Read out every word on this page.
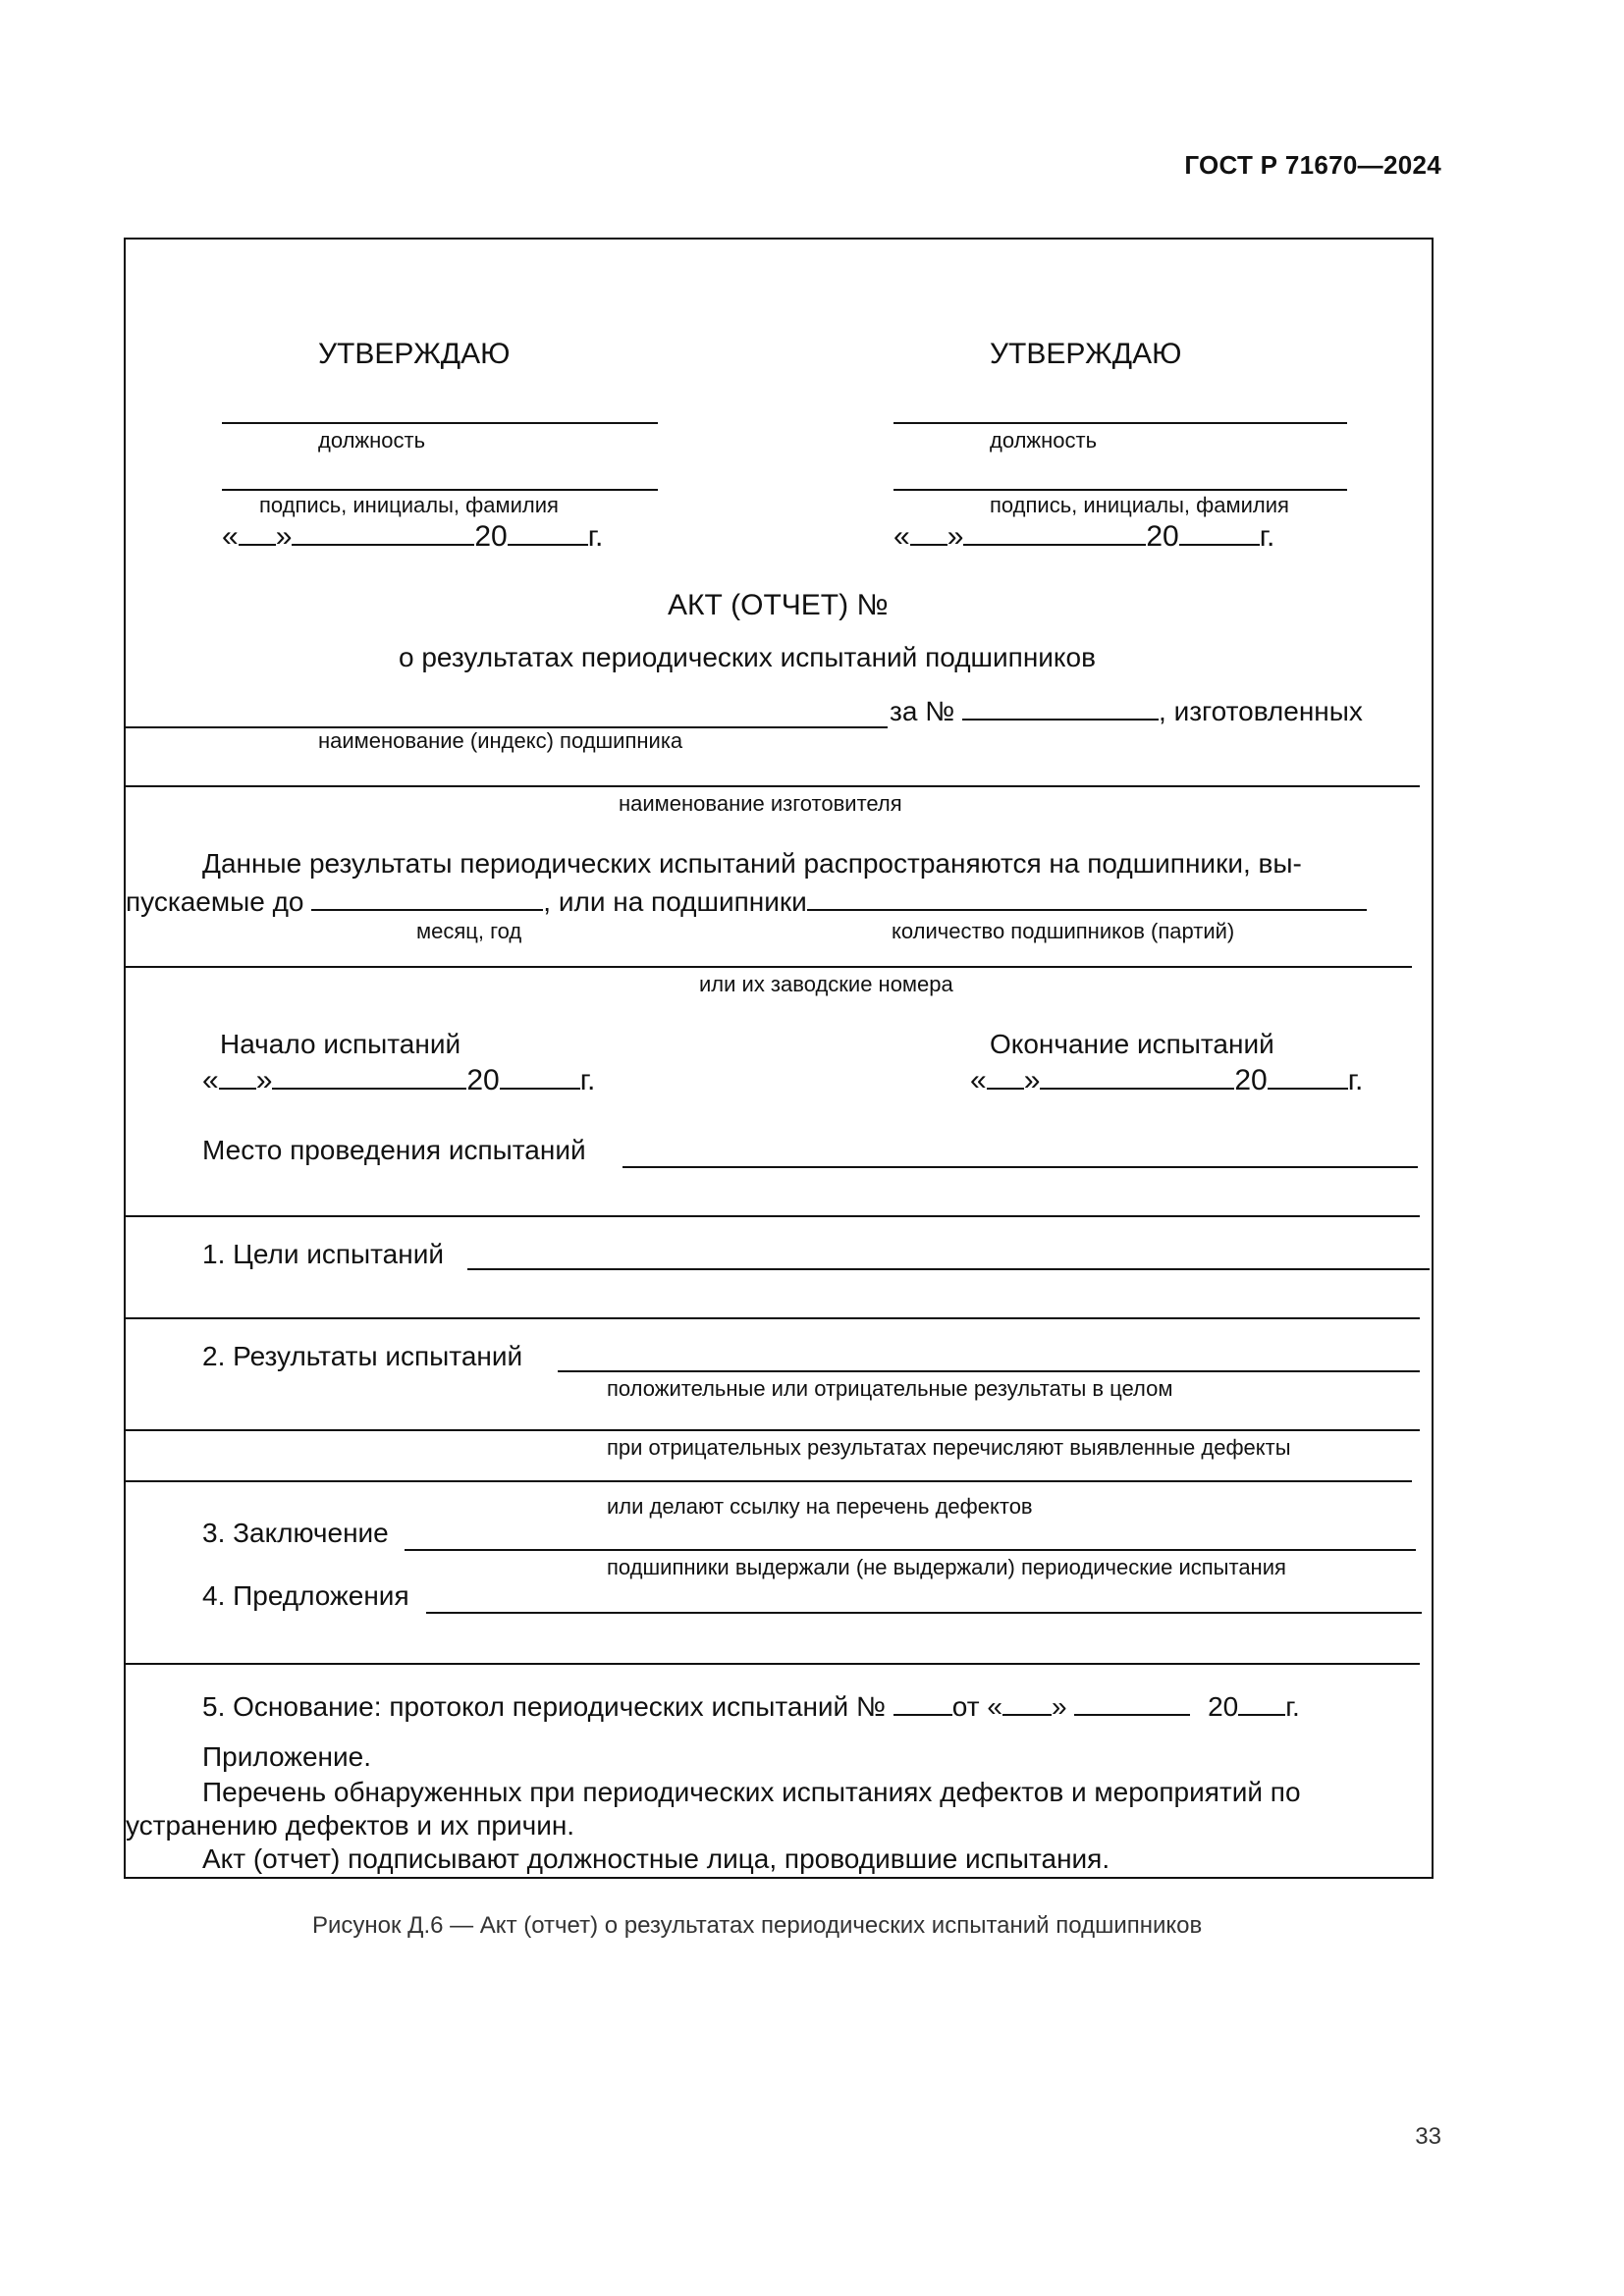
ГОСТ Р 71670—2024
УТВЕРЖДАЮ	УТВЕРЖДАЮ
должность	должность
подпись, инициалы, фамилия	подпись, инициалы, фамилия
« »	20	г.	« »	20	г.
АКТ (ОТЧЕТ) №
о результатах периодических испытаний подшипников
за №	, изготовленных
наименование (индекс) подшипника
наименование изготовителя
Данные результаты периодических испытаний распространяются на подшипники, вы-
пускаемые до	, или на подшипники
месяц, год	количество подшипников (партий)
или их заводские номера
Начало испытаний	Окончание испытаний
« »	20	г.	« »	20	г.
Место проведения испытаний
1. Цели испытаний
2. Результаты испытаний
положительные или отрицательные результаты в целом
при отрицательных результатах перечисляют выявленные дефекты
или делают ссылку на перечень дефектов
3. Заключение
подшипники выдержали (не выдержали) периодические испытания
4. Предложения
5. Основание: протокол периодических испытаний № от « »	20 г.
Приложение.
Перечень обнаруженных при периодических испытаниях дефектов и мероприятий по
устранению дефектов и их причин.
Акт (отчет) подписывают должностные лица, проводившие испытания.
Рисунок Д.6 — Акт (отчет) о результатах периодических испытаний подшипников
33
